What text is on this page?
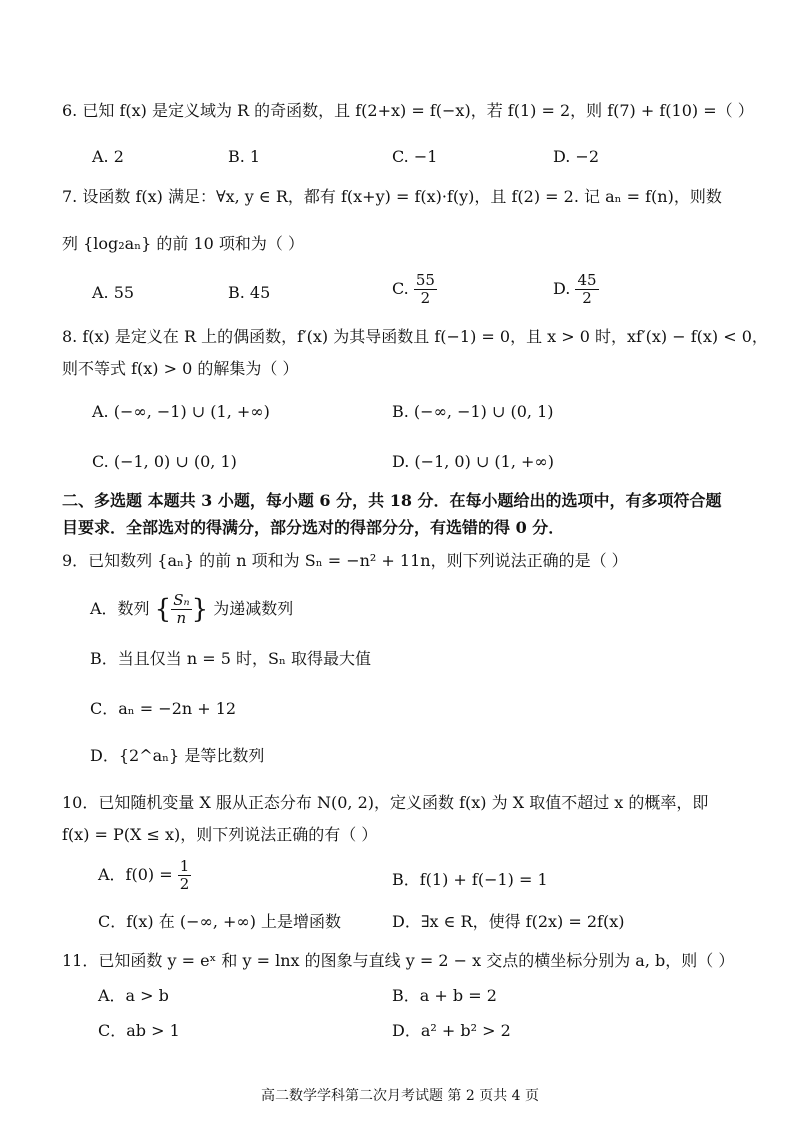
6. 已知 f(x) 是定义域为 R 的奇函数，且 f(2+x) = f(−x)，若 f(1) = 2，则 f(7) + f(10) =（ ）
A. 2	B. 1	C. −1	D. −2
7. 设函数 f(x) 满足：∀x, y ∈ R，都有 f(x+y) = f(x)·f(y)，且 f(2) = 2. 记 aₙ = f(n)，则数
列 {log₂aₙ} 的前 10 项和为（ ）
A. 55	B. 45	C. $\frac{55}{2}$	D. $\frac{45}{2}$
8. f(x) 是定义在 R 上的偶函数，f′(x) 为其导函数且 f(−1) = 0，且 x > 0 时，xf′(x) − f(x) < 0，
则不等式 f(x) > 0 的解集为（ ）
A. (−∞, −1) ∪ (1, +∞)	B. (−∞, −1) ∪ (0, 1)
C. (−1, 0) ∪ (0, 1)	D. (−1, 0) ∪ (1, +∞)
二、多选题 本题共 3 小题，每小题 6 分，共 18 分．在每小题给出的选项中，有多项符合题
目要求．全部选对的得满分，部分选对的得部分分，有选错的得 0 分．
9．已知数列 {aₙ} 的前 n 项和为 Sₙ = −n² + 11n，则下列说法正确的是（ ）
A．数列 { $\frac{\text{Sₙ}}{n}$ } 为递减数列
B．当且仅当 n = 5 时，Sₙ 取得最大值
C．aₙ = −2n + 12
D．{2^aₙ} 是等比数列
10．已知随机变量 X 服从正态分布 N(0, 2)，定义函数 f(x) 为 X 取值不超过 x 的概率，即
f(x) = P(X ≤ x)，则下列说法正确的有（ ）
A．$f(0) = \frac{1}{2}$	B．f(1) + f(−1) = 1
C．f(x) 在 (−∞, +∞) 上是增函数	D．∃x ∈ R，使得 f(2x) = 2f(x)
11．已知函数 y = eˣ 和 y = lnx 的图象与直线 y = 2 − x 交点的横坐标分别为 a, b，则（ ）
A．a > b	B．a + b = 2
C．ab > 1	D．a² + b² > 2
高二数学学科第二次月考试题 第 2 页共 4 页
